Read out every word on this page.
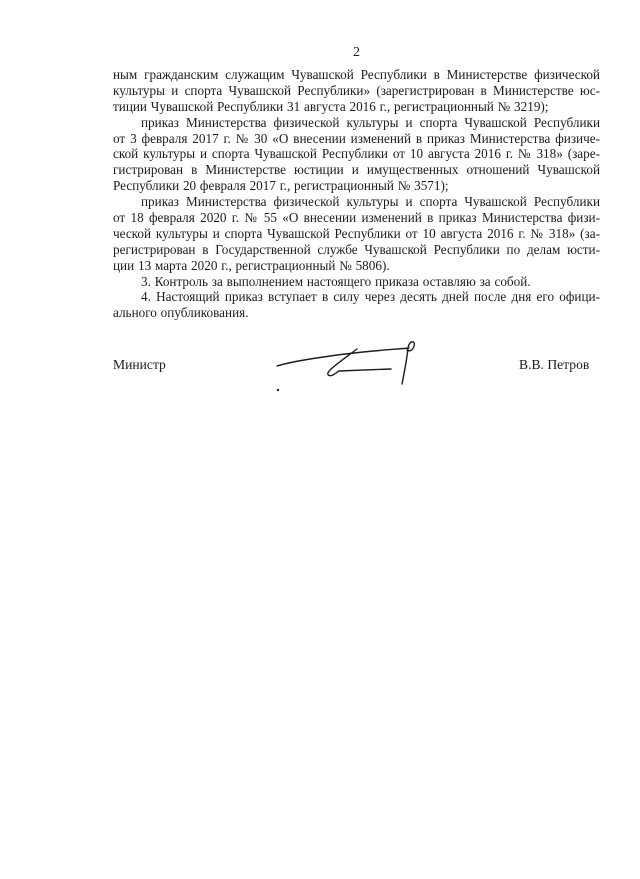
2
ным гражданским служащим Чувашской Республики в Министерстве физической
культуры и спорта Чувашской Республики» (зарегистрирован в Министерстве юс-
тиции Чувашской Республики 31 августа 2016 г., регистрационный № 3219);
приказ Министерства физической культуры и спорта Чувашской Республики
от 3 февраля 2017 г. № 30 «О внесении изменений в приказ Министерства физиче-
ской культуры и спорта Чувашской Республики от 10 августа 2016 г. № 318» (заре-
гистрирован в Министерстве юстиции и имущественных отношений Чувашской
Республики 20 февраля 2017 г., регистрационный № 3571);
приказ Министерства физической культуры и спорта Чувашской Республики
от 18 февраля 2020 г. № 55 «О внесении изменений в приказ Министерства физи-
ческой культуры и спорта Чувашской Республики от 10 августа 2016 г. № 318» (за-
регистрирован в Государственной службе Чувашской Республики по делам юсти-
ции 13 марта 2020 г., регистрационный № 5806).
3. Контроль за выполнением настоящего приказа оставляю за собой.
4. Настоящий приказ вступает в силу через десять дней после дня его офици-
ального опубликования.
Министр	В.В. Петров
